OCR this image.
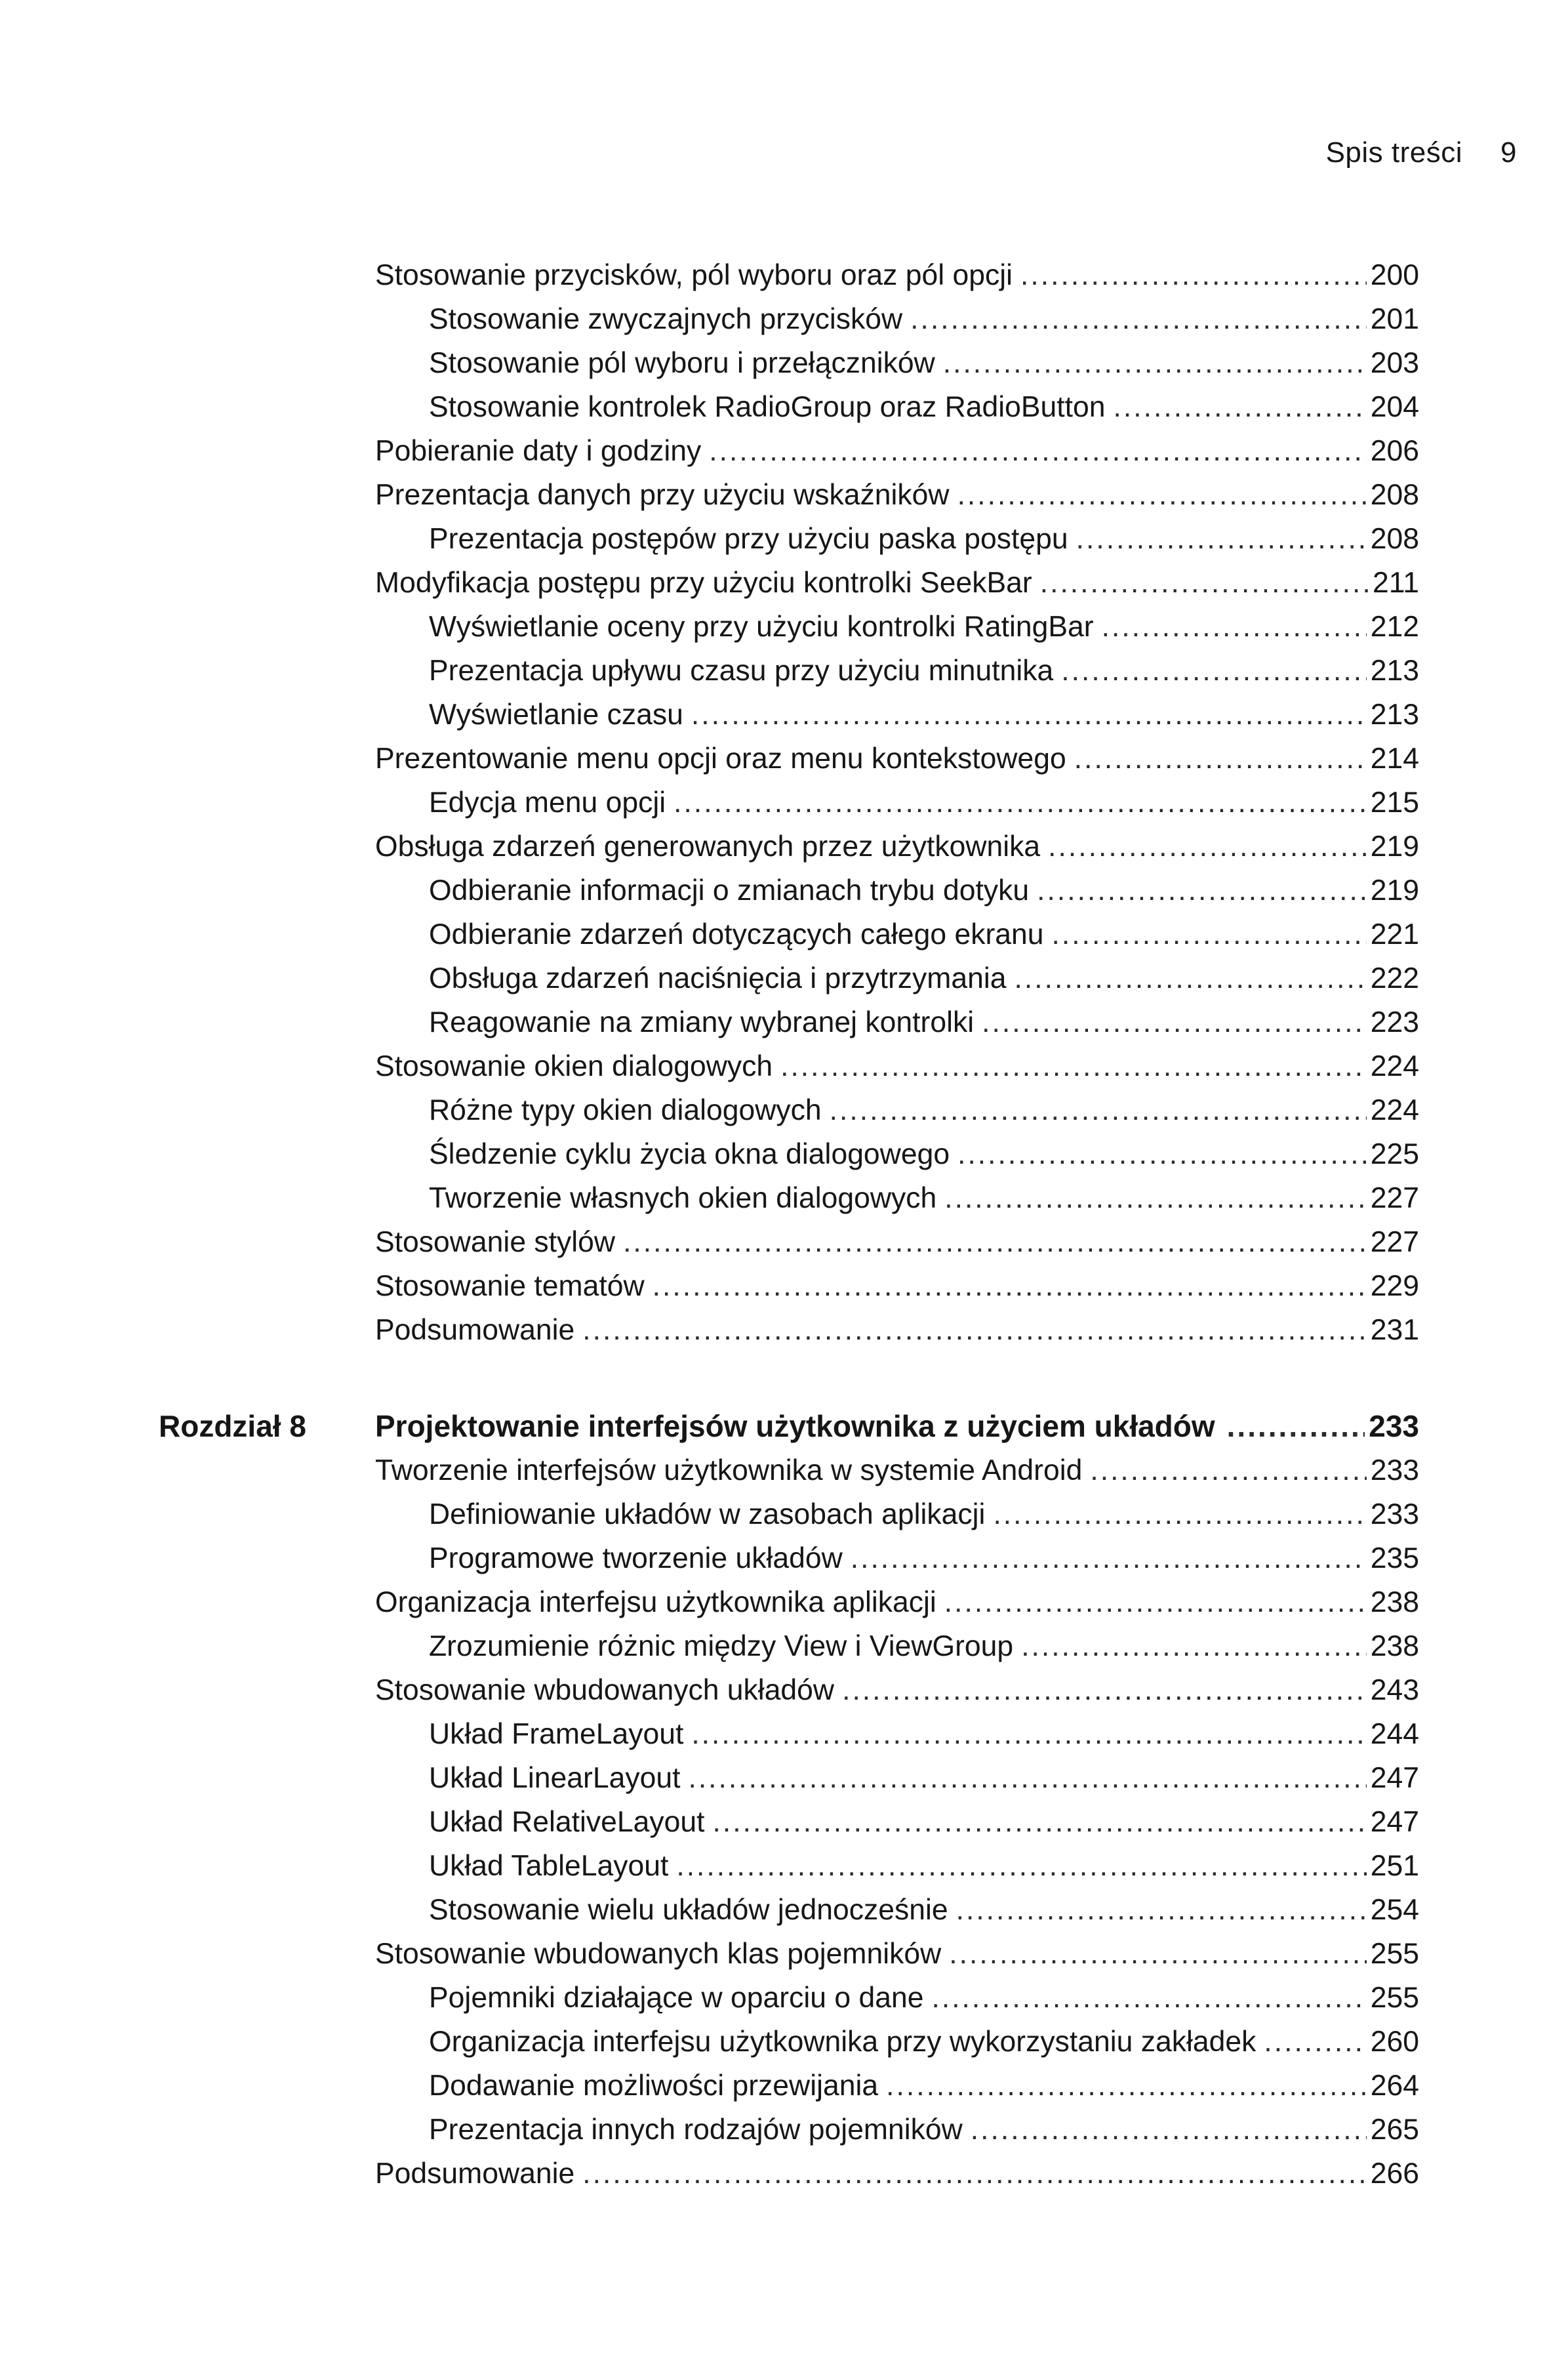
Spis treści 9
Stosowanie przycisków, pól wyboru oraz pól opcji .....	200
Stosowanie zwyczajnych przycisków .....	201
Stosowanie pól wyboru i przełączników .....	203
Stosowanie kontrolek RadioGroup oraz RadioButton .....	204
Pobieranie daty i godziny .....	206
Prezentacja danych przy użyciu wskaźników .....	208
Prezentacja postępów przy użyciu paska postępu .....	208
Modyfikacja postępu przy użyciu kontrolki SeekBar .....	211
Wyświetlanie oceny przy użyciu kontrolki RatingBar .....	212
Prezentacja upływu czasu przy użyciu minutnika .....	213
Wyświetlanie czasu .....	213
Prezentowanie menu opcji oraz menu kontekstowego .....	214
Edycja menu opcji .....	215
Obsługa zdarzeń generowanych przez użytkownika .....	219
Odbieranie informacji o zmianach trybu dotyku .....	219
Odbieranie zdarzeń dotyczących całego ekranu .....	221
Obsługa zdarzeń naciśnięcia i przytrzymania .....	222
Reagowanie na zmiany wybranej kontrolki .....	223
Stosowanie okien dialogowych .....	224
Różne typy okien dialogowych .....	224
Śledzenie cyklu życia okna dialogowego .....	225
Tworzenie własnych okien dialogowych .....	227
Stosowanie stylów .....	227
Stosowanie tematów .....	229
Podsumowanie .....	231
Rozdział 8 Projektowanie interfejsów użytkownika z użyciem układów .....	233
Tworzenie interfejsów użytkownika w systemie Android .....	233
Definiowanie układów w zasobach aplikacji .....	233
Programowe tworzenie układów .....	235
Organizacja interfejsu użytkownika aplikacji .....	238
Zrozumienie różnic między View i ViewGroup .....	238
Stosowanie wbudowanych układów .....	243
Układ FrameLayout .....	244
Układ LinearLayout .....	247
Układ RelativeLayout .....	247
Układ TableLayout .....	251
Stosowanie wielu układów jednocześnie .....	254
Stosowanie wbudowanych klas pojemników .....	255
Pojemniki działające w oparciu o dane .....	255
Organizacja interfejsu użytkownika przy wykorzystaniu zakładek .....	260
Dodawanie możliwości przewijania .....	264
Prezentacja innych rodzajów pojemników .....	265
Podsumowanie .....	266
